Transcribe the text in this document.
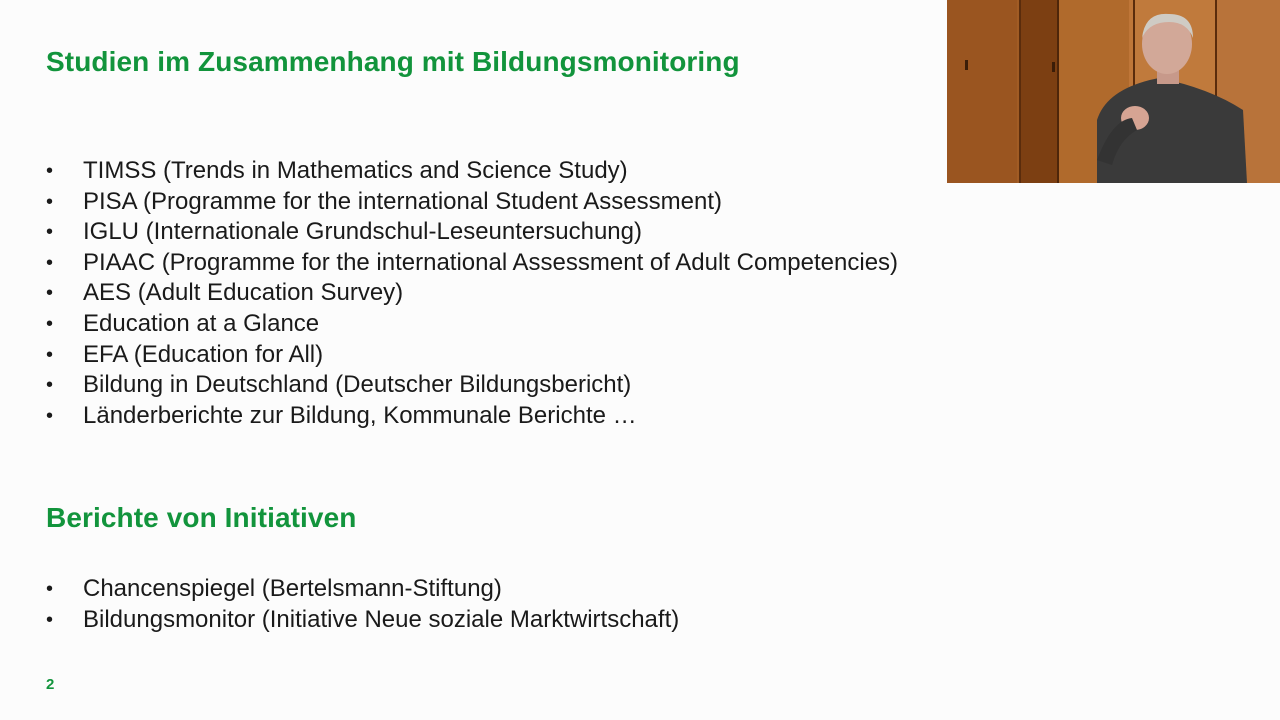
Studien im Zusammenhang mit Bildungsmonitoring
• TIMSS (Trends in Mathematics and Science Study)
• PISA (Programme for the international Student Assessment)
• IGLU (Internationale Grundschul-Leseuntersuchung)
• PIAAC (Programme for the international Assessment of Adult Competencies)
• AES (Adult Education Survey)
• Education at a Glance
• EFA (Education for All)
• Bildung in Deutschland (Deutscher Bildungsbericht)
• Länderberichte zur Bildung, Kommunale Berichte …
Berichte von Initiativen
• Chancenspiegel (Bertelsmann-Stiftung)
• Bildungsmonitor (Initiative Neue soziale Marktwirtschaft)
2
